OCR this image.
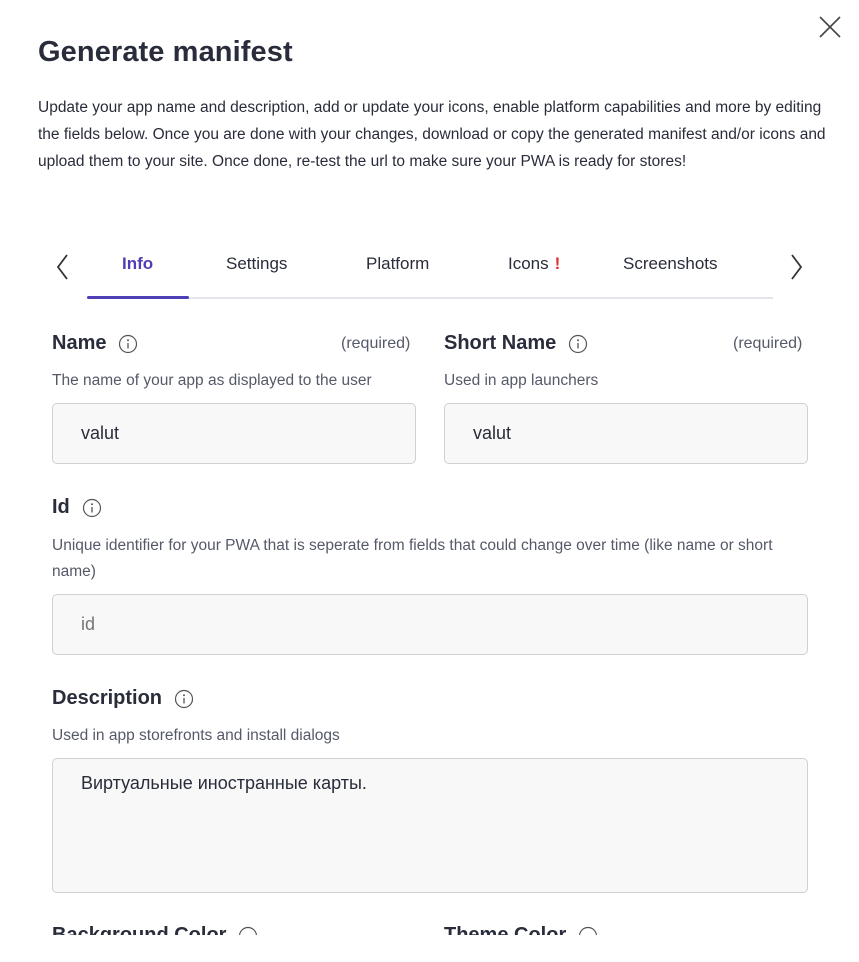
Generate manifest

Update your app name and description, add or update your icons, enable platform capabilities and more by editing the fields below. Once you are done with your changes, download or copy the generated manifest and/or icons and upload them to your site. Once done, re-test the url to make sure your PWA is ready for stores!

Info	Settings	Platform	Icons !	Screenshots
Name	(required)

The name of your app as displayed to the user

valut
Short Name	(required)

Used in app launchers

valut
Id

Unique identifier for your PWA that is seperate from fields that could change over time (like name or short name)

id
Description

Used in app storefronts and install dialogs

Виртуальные иностранные карты.
